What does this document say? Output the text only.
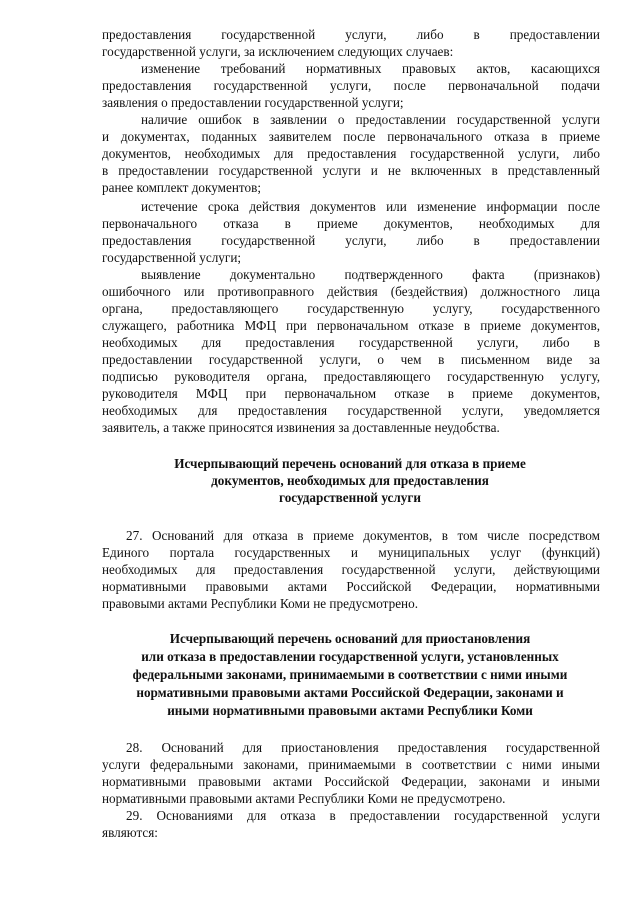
предоставления государственной услуги, либо в предоставлении
государственной услуги, за исключением следующих случаев:
изменение требований нормативных правовых актов, касающихся
предоставления государственной услуги, после первоначальной подачи
заявления о предоставлении государственной услуги;
наличие ошибок в заявлении о предоставлении государственной услуги
и документах, поданных заявителем после первоначального отказа в приеме
документов, необходимых для предоставления государственной услуги, либо
в предоставлении государственной услуги и не включенных в представленный
ранее комплект документов;
истечение срока действия документов или изменение информации после
первоначального отказа в приеме документов, необходимых для
предоставления государственной услуги, либо в предоставлении
государственной услуги;
выявление документально подтвержденного факта (признаков)
ошибочного или противоправного действия (бездействия) должностного лица
органа, предоставляющего государственную услугу, государственного
служащего, работника МФЦ при первоначальном отказе в приеме документов,
необходимых для предоставления государственной услуги, либо в
предоставлении государственной услуги, о чем в письменном виде за
подписью руководителя органа, предоставляющего государственную услугу,
руководителя МФЦ при первоначальном отказе в приеме документов,
необходимых для предоставления государственной услуги, уведомляется
заявитель, а также приносятся извинения за доставленные неудобства.
Исчерпывающий перечень оснований для отказа в приеме
документов, необходимых для предоставления
государственной услуги
27. Оснований для отказа в приеме документов, в том числе посредством
Единого портала государственных и муниципальных услуг (функций)
необходимых для предоставления государственной услуги, действующими
нормативными правовыми актами Российской Федерации, нормативными
правовыми актами Республики Коми не предусмотрено.
Исчерпывающий перечень оснований для приостановления
или отказа в предоставлении государственной услуги, установленных
федеральными законами, принимаемыми в соответствии с ними иными
нормативными правовыми актами Российской Федерации, законами и
иными нормативными правовыми актами Республики Коми
28. Оснований для приостановления предоставления государственной
услуги федеральными законами, принимаемыми в соответствии с ними иными
нормативными правовыми актами Российской Федерации, законами и иными
нормативными правовыми актами Республики Коми не предусмотрено.
29. Основаниями для отказа в предоставлении государственной услуги
являются:
